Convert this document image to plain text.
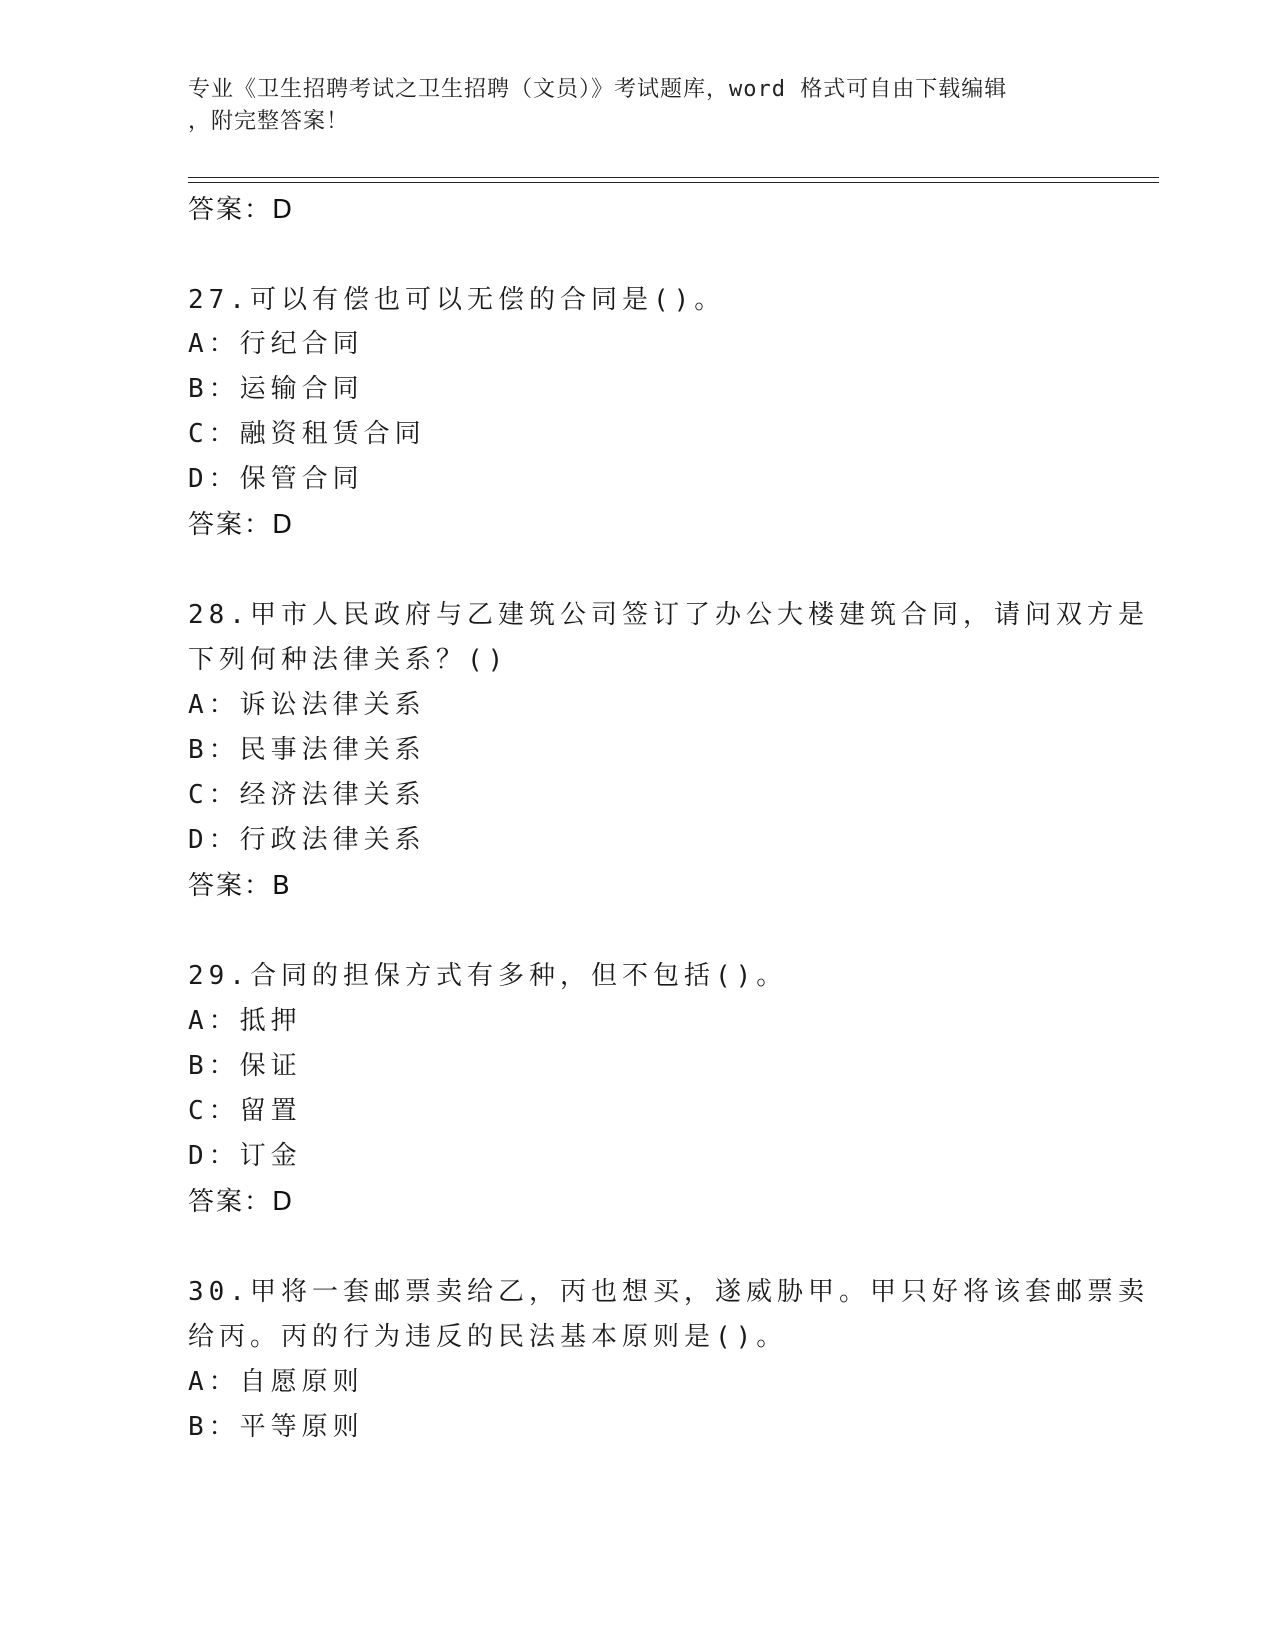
专业《卫生招聘考试之卫生招聘（文员）》考试题库，word 格式可自由下载编辑
，附完整答案！
答案：D
27.可以有偿也可以无偿的合同是()。
A：行纪合同
B：运输合同
C：融资租赁合同
D：保管合同
答案：D
28.甲市人民政府与乙建筑公司签订了办公大楼建筑合同，请问双方是
下列何种法律关系？()
A：诉讼法律关系
B：民事法律关系
C：经济法律关系
D：行政法律关系
答案：B
29.合同的担保方式有多种，但不包括()。
A：抵押
B：保证
C：留置
D：订金
答案：D
30.甲将一套邮票卖给乙，丙也想买，遂威胁甲。甲只好将该套邮票卖
给丙。丙的行为违反的民法基本原则是()。
A：自愿原则
B：平等原则
